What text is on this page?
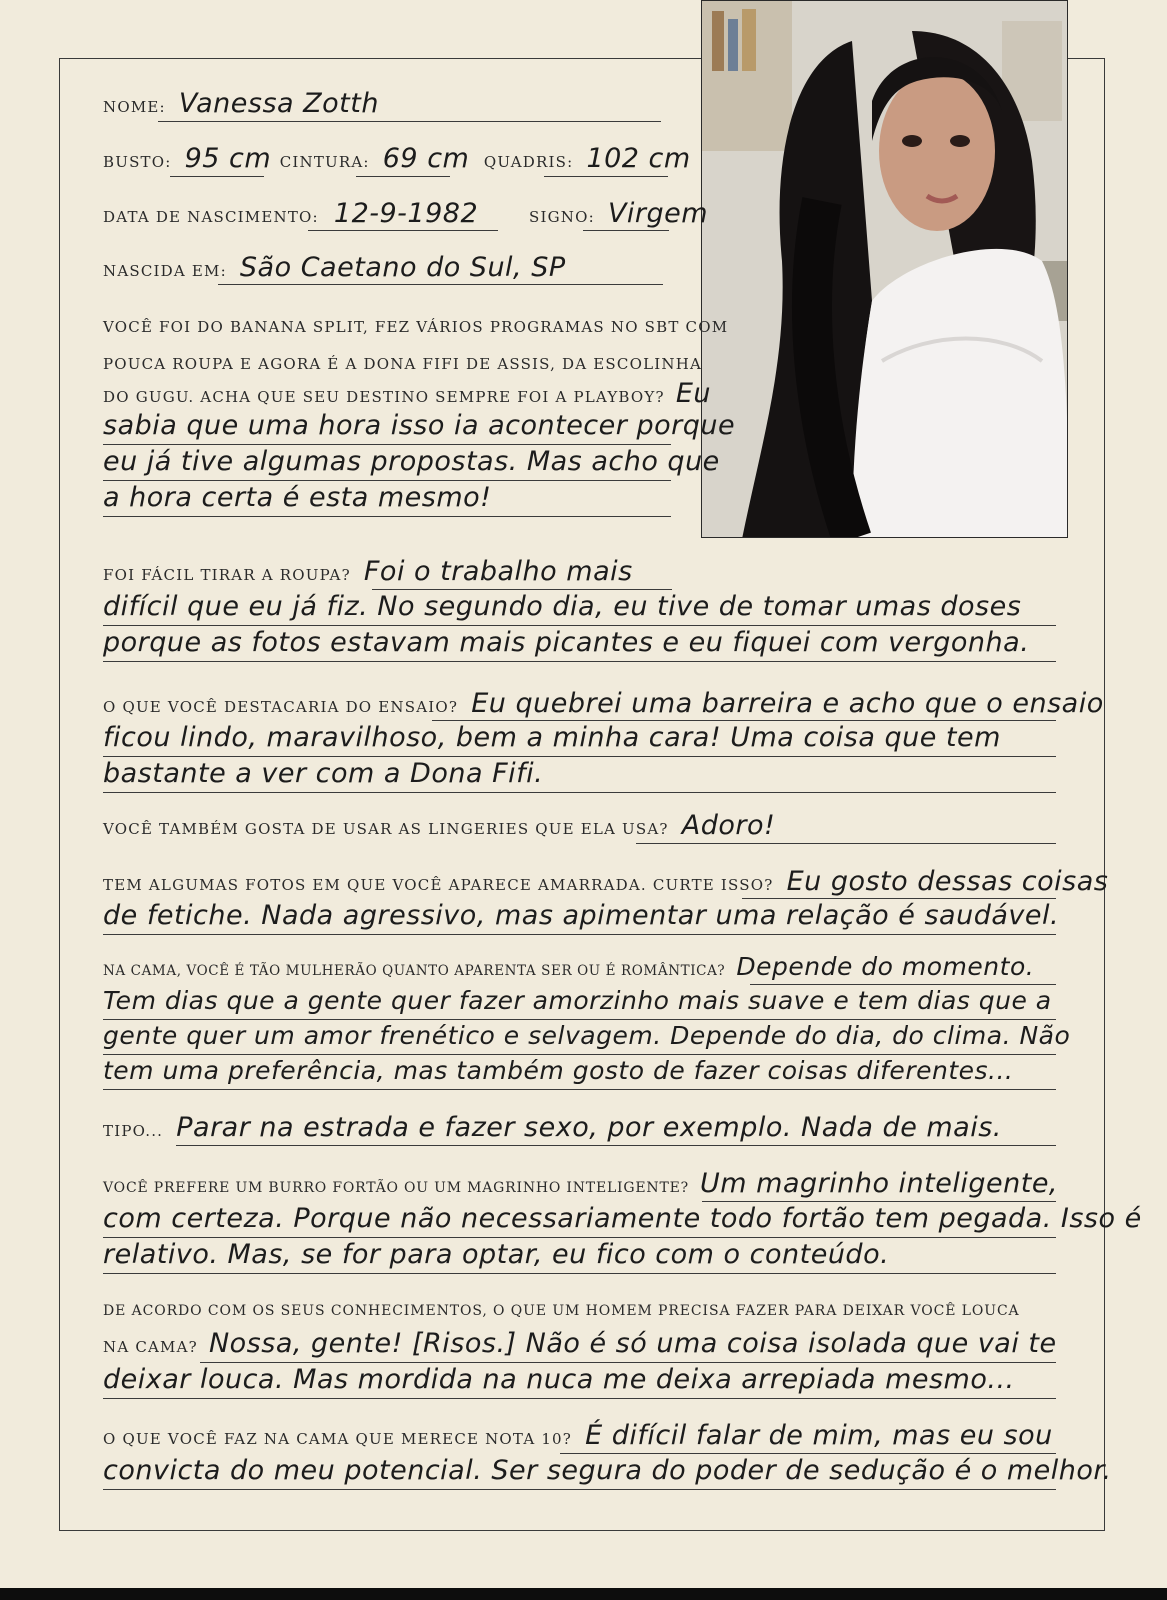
NOME: Vanessa Zotth
BUSTO: 95 cm CINTURA: 69 cm QUADRIS: 102 cm
DATA DE NASCIMENTO: 12-9-1982	SIGNO: Virgem
NASCIDA EM: São Caetano do Sul, SP
VOCÊ FOI DO BANANA SPLIT, FEZ VÁRIOS PROGRAMAS NO SBT COM
POUCA ROUPA E AGORA É A DONA FIFI DE ASSIS, DA ESCOLINHA
DO GUGU. ACHA QUE SEU DESTINO SEMPRE FOI A PLAYBOY? Eu
sabia que uma hora isso ia acontecer porque
eu já tive algumas propostas. Mas acho que
a hora certa é esta mesmo!
FOI FÁCIL TIRAR A ROUPA? Foi o trabalho mais
difícil que eu já fiz. No segundo dia, eu tive de tomar umas doses
porque as fotos estavam mais picantes e eu fiquei com vergonha.
O QUE VOCÊ DESTACARIA DO ENSAIO? Eu quebrei uma barreira e acho que o ensaio
ficou lindo, maravilhoso, bem a minha cara! Uma coisa que tem
bastante a ver com a Dona Fifi.
VOCÊ TAMBÉM GOSTA DE USAR AS LINGERIES QUE ELA USA? Adoro!
TEM ALGUMAS FOTOS EM QUE VOCÊ APARECE AMARRADA. CURTE ISSO? Eu gosto dessas coisas
de fetiche. Nada agressivo, mas apimentar uma relação é saudável.
NA CAMA, VOCÊ É TÃO MULHERÃO QUANTO APARENTA SER OU É ROMÂNTICA? Depende do momento.
Tem dias que a gente quer fazer amorzinho mais suave e tem dias que a
gente quer um amor frenético e selvagem. Depende do dia, do clima. Não
tem uma preferência, mas também gosto de fazer coisas diferentes...
TIPO... Parar na estrada e fazer sexo, por exemplo. Nada de mais.
VOCÊ PREFERE UM BURRO FORTÃO OU UM MAGRINHO INTELIGENTE? Um magrinho inteligente,
com certeza. Porque não necessariamente todo fortão tem pegada. Isso é
relativo. Mas, se for para optar, eu fico com o conteúdo.
DE ACORDO COM OS SEUS CONHECIMENTOS, O QUE UM HOMEM PRECISA FAZER PARA DEIXAR VOCÊ LOUCA
NA CAMA? Nossa, gente! [Risos.] Não é só uma coisa isolada que vai te
deixar louca. Mas mordida na nuca me deixa arrepiada mesmo...
O QUE VOCÊ FAZ NA CAMA QUE MERECE NOTA 10? É difícil falar de mim, mas eu sou
convicta do meu potencial. Ser segura do poder de sedução é o melhor.
